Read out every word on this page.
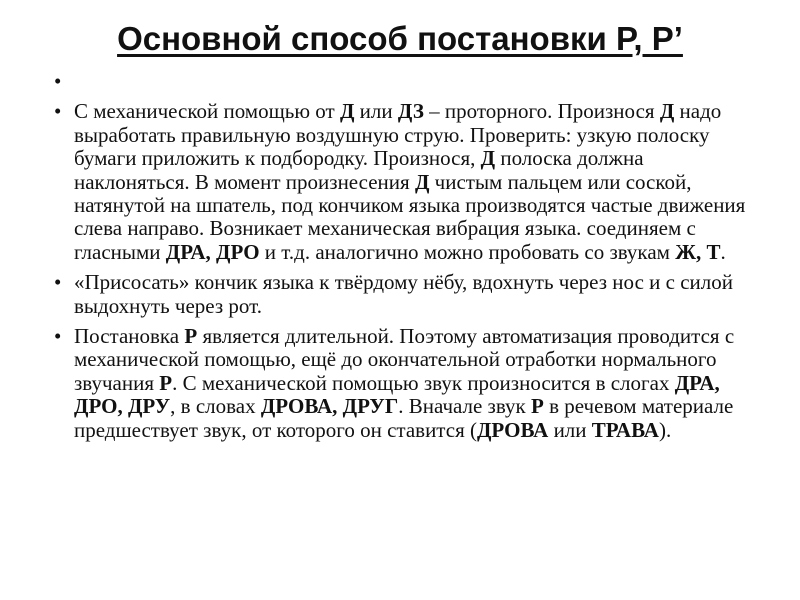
Основной способ постановки Р, Р’
•
• С механической помощью от Д или ДЗ – проторного. Произнося Д надо выработать правильную воздушную струю. Проверить: узкую полоску бумаги приложить к подбородку. Произнося, Д полоска должна наклоняться. В момент произнесения Д чистым пальцем или соской, натянутой на шпатель, под кончиком языка производятся частые движения слева направо. Возникает механическая вибрация языка. соединяем с гласными ДРА, ДРО и т.д. аналогично можно пробовать со звукам Ж, Т.
• «Присосать» кончик языка к твёрдому нёбу, вдохнуть через нос и с силой выдохнуть через рот.
• Постановка Р является длительной. Поэтому автоматизация проводится с механической помощью, ещё до окончательной отработки нормального звучания Р. С механической помощью звук произносится в слогах ДРА, ДРО, ДРУ, в словах ДРОВА, ДРУГ. Вначале звук Р в речевом материале предшествует звук, от которого он ставится (ДРОВА или ТРАВА).
